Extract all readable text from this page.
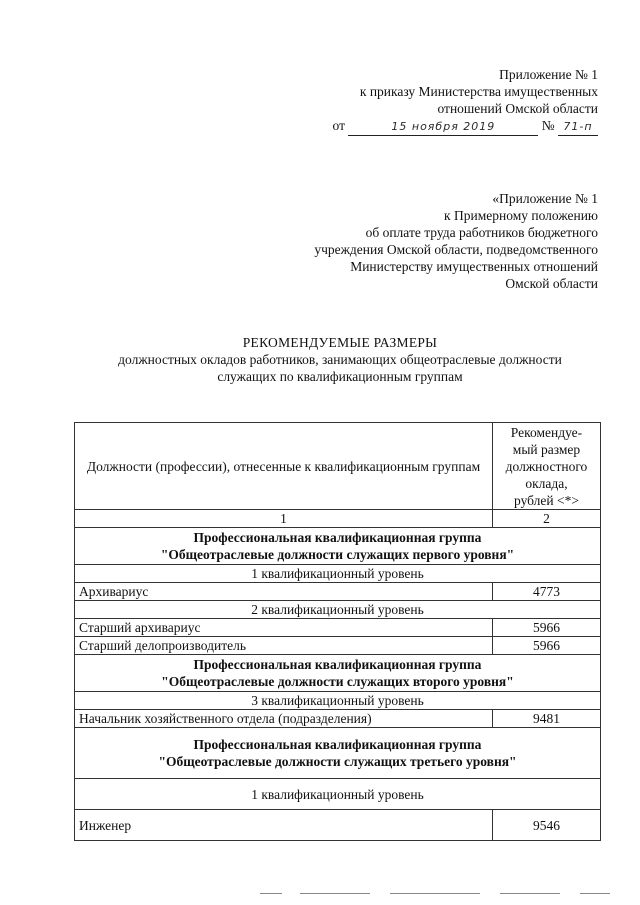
Приложение № 1
к приказу Министерства имущественных
отношений Омской области
от	15 ноября 2019	№ 71-п
«Приложение № 1
к Примерному положению
об оплате труда работников бюджетного
учреждения Омской области, подведомственного
Министерству имущественных отношений
Омской области
РЕКОМЕНДУЕМЫЕ РАЗМЕРЫ
должностных окладов работников, занимающих общеотраслевые должности
служащих по квалификационным группам
Должности (профессии), отнесенные к квалификационным группам	Рекомендуе-
мый размер
должностного
оклада,
рублей <*>

1	2

Профессиональная квалификационная группа
"Общеотраслевые должности служащих первого уровня"	

1 квалификационный уровень	
Архивариус	4773
2 квалификационный уровень	
Старший архивариус	5966
Старший делопроизводитель	5966

Профессиональная квалификационная группа
"Общеотраслевые должности служащих второго уровня"	

3 квалификационный уровень	
Начальник хозяйственного отдела (подразделения)	9481

Профессиональная квалификационная группа
"Общеотраслевые должности служащих третьего уровня"	

1 квалификационный уровень	
Инженер	9546
